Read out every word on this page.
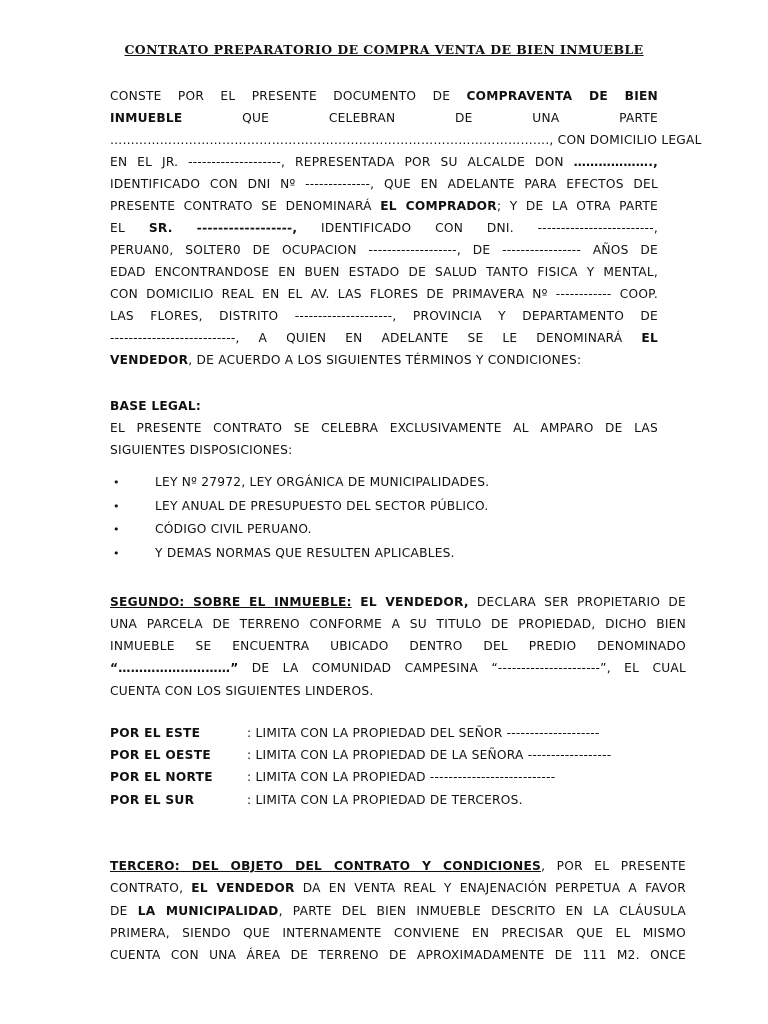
CONTRATO PREPARATORIO DE COMPRA VENTA DE BIEN INMUEBLE
CONSTE POR EL PRESENTE DOCUMENTO DE COMPRAVENTA DE BIEN
INMUEBLE QUE CELEBRAN DE UNA PARTE
……………………………………………………………………………………………., CON DOMICILIO LEGAL
EN EL JR. --------------------, REPRESENTADA POR SU ALCALDE DON ……………….,
IDENTIFICADO CON DNI Nº --------------, QUE EN ADELANTE PARA EFECTOS DEL
PRESENTE CONTRATO SE DENOMINARÁ EL COMPRADOR; Y DE LA OTRA PARTE
EL SR. ------------------, IDENTIFICADO CON DNI. -------------------------,
PERUAN0, SOLTER0 DE OCUPACION -------------------, DE ----------------- AÑOS DE
EDAD ENCONTRANDOSE EN BUEN ESTADO DE SALUD TANTO FISICA Y MENTAL,
CON DOMICILIO REAL EN EL AV. LAS FLORES DE PRIMAVERA Nº ------------ COOP.
LAS FLORES, DISTRITO ---------------------, PROVINCIA Y DEPARTAMENTO DE
---------------------------, A QUIEN EN ADELANTE SE LE DENOMINARÁ EL
VENDEDOR, DE ACUERDO A LOS SIGUIENTES TÉRMINOS Y CONDICIONES:
BASE LEGAL:
EL PRESENTE CONTRATO SE CELEBRA EXCLUSIVAMENTE AL AMPARO DE LAS
SIGUIENTES DISPOSICIONES:
•	LEY Nº 27972, LEY ORGÁNICA DE MUNICIPALIDADES.
•	LEY ANUAL DE PRESUPUESTO DEL SECTOR PÚBLICO.
•	CÓDIGO CIVIL PERUANO.
•	Y DEMAS NORMAS QUE RESULTEN APLICABLES.
SEGUNDO: SOBRE EL INMUEBLE: EL VENDEDOR, DECLARA SER PROPIETARIO DE
UNA PARCELA DE TERRENO CONFORME A SU TITULO DE PROPIEDAD, DICHO BIEN
INMUEBLE SE ENCUENTRA UBICADO DENTRO DEL PREDIO DENOMINADO
“………………………” DE LA COMUNIDAD CAMPESINA “----------------------”, EL CUAL
CUENTA CON LOS SIGUIENTES LINDEROS.
POR EL ESTE	: LIMITA CON LA PROPIEDAD DEL SEÑOR --------------------
POR EL OESTE	: LIMITA CON LA PROPIEDAD DE LA SEÑORA ------------------
POR EL NORTE	: LIMITA CON LA PROPIEDAD ---------------------------
POR EL SUR	: LIMITA CON LA PROPIEDAD DE TERCEROS.
TERCERO: DEL OBJETO DEL CONTRATO Y CONDICIONES, POR EL PRESENTE
CONTRATO, EL VENDEDOR DA EN VENTA REAL Y ENAJENACIÓN PERPETUA A FAVOR
DE LA MUNICIPALIDAD, PARTE DEL BIEN INMUEBLE DESCRITO EN LA CLÁUSULA
PRIMERA, SIENDO QUE INTERNAMENTE CONVIENE EN PRECISAR QUE EL MISMO
CUENTA CON UNA ÁREA DE TERRENO DE APROXIMADAMENTE DE 111 M2. ONCE
